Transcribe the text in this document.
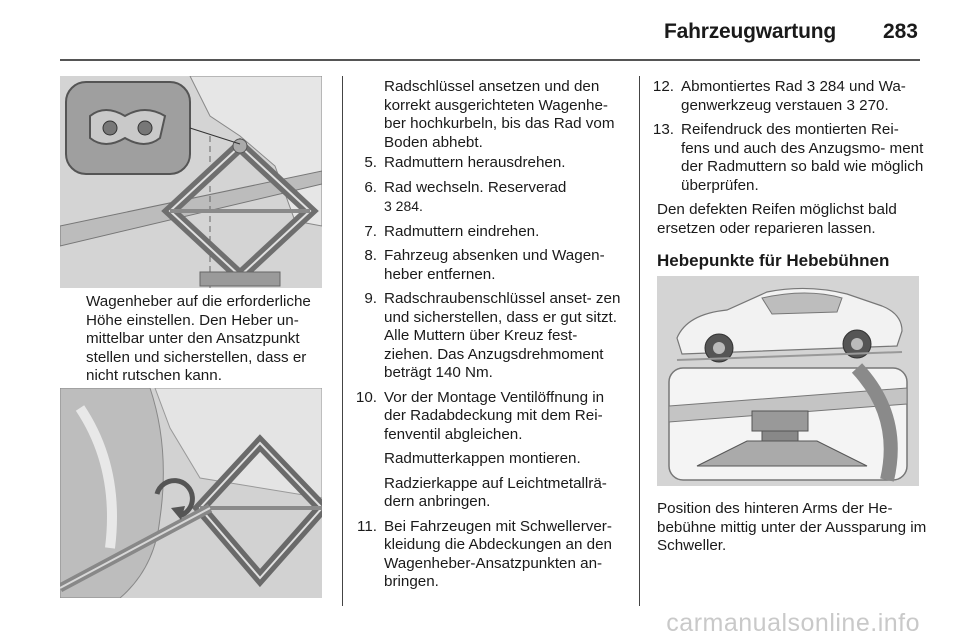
Fahrzeugwartung 283
Wagenheber auf die erforderliche Höhe einstellen. Den Heber un- mittelbar unter den Ansatzpunkt stellen und sicherstellen, dass er nicht rutschen kann.
Radschlüssel ansetzen und den korrekt ausgerichteten Wagenhe- ber hochkurbeln, bis das Rad vom Boden abhebt.
5. Radmuttern herausdrehen.
6. Rad wechseln. Reserverad
3 284.
7. Radmuttern eindrehen.
8. Fahrzeug absenken und Wagen- heber entfernen.
9. Radschraubenschlüssel anset- zen und sicherstellen, dass er gut sitzt. Alle Muttern über Kreuz fest- ziehen. Das Anzugsdrehmoment beträgt 140 Nm.
10. Vor der Montage Ventilöffnung in der Radabdeckung mit dem Rei- fenventil abgleichen.
Radmutterkappen montieren.
Radzierkappe auf Leichtmetallrä- dern anbringen.
11. Bei Fahrzeugen mit Schwellerver- kleidung die Abdeckungen an den Wagenheber-Ansatzpunkten an- bringen.
12. Abmontiertes Rad 3 284 und Wa- genwerkzeug verstauen 3 270.
13. Reifendruck des montierten Rei- fens und auch des Anzugsmo- ment der Radmuttern so bald wie möglich überprüfen.

Den defekten Reifen möglichst bald ersetzen oder reparieren lassen.

Hebepunkte für Hebebühnen
Position des hinteren Arms der He- bebühne mittig unter der Aussparung im Schweller.
carmanualsonline.info
